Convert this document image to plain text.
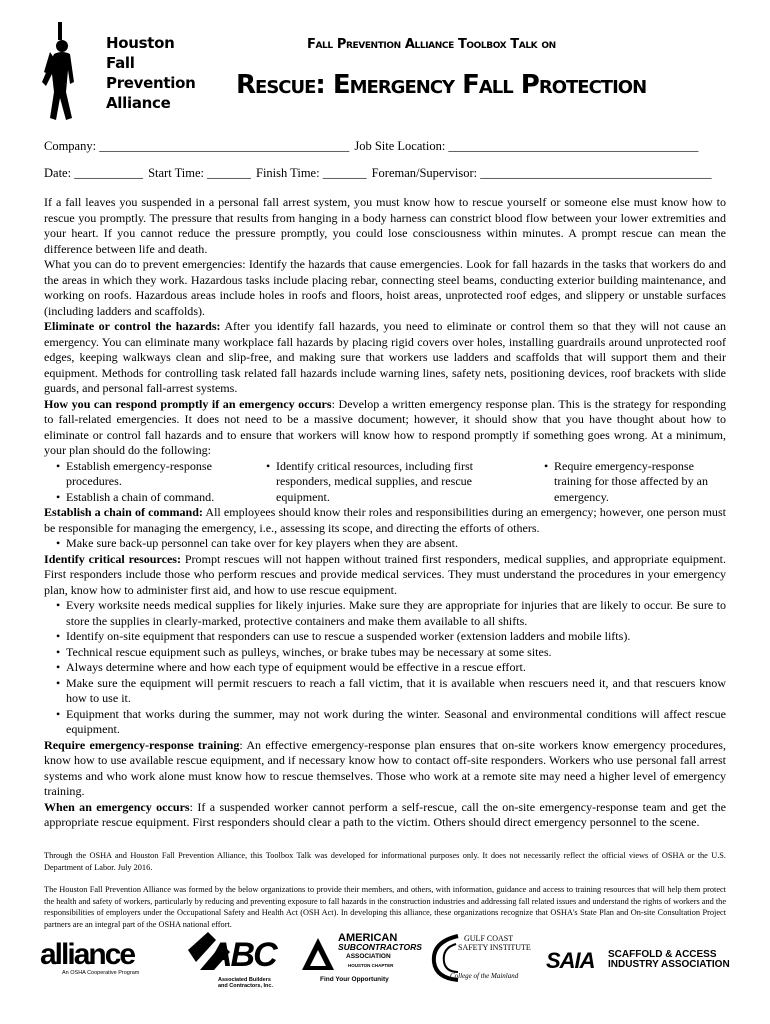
Houston
Fall
Prevention
Alliance
Fall Prevention Alliance Toolbox Talk on
Rescue: Emergency Fall Protection
Company: ________________________________________ Job Site Location: ________________________________________
Date: ___________ Start Time: _______ Finish Time: _______ Foreman/Supervisor: _____________________________________

If a fall leaves you suspended in a personal fall arrest system, you must know how to rescue yourself or someone else must know how to rescue you promptly. The pressure that results from hanging in a body harness can constrict blood flow between your lower extremities and your heart. If you cannot reduce the pressure promptly, you could lose consciousness within minutes. A prompt rescue can mean the difference between life and death.

What you can do to prevent emergencies: Identify the hazards that cause emergencies. Look for fall hazards in the tasks that workers do and the areas in which they work. Hazardous tasks include placing rebar, connecting steel beams, conducting exterior building maintenance, and working on roofs. Hazardous areas include holes in roofs and floors, hoist areas, unprotected roof edges, and slippery or unstable surfaces (including ladders and scaffolds).

Eliminate or control the hazards: After you identify fall hazards, you need to eliminate or control them so that they will not cause an emergency. You can eliminate many workplace fall hazards by placing rigid covers over holes, installing guardrails around unprotected roof edges, keeping walkways clean and slip-free, and making sure that workers use ladders and scaffolds that will support them and their equipment. Methods for controlling task related fall hazards include warning lines, safety nets, positioning devices, roof brackets with slide guards, and personal fall-arrest systems.

How you can respond promptly if an emergency occurs: Develop a written emergency response plan. This is the strategy for responding to fall-related emergencies. It does not need to be a massive document; however, it should show that you have thought about how to eliminate or control fall hazards and to ensure that workers will know how to respond promptly if something goes wrong. At a minimum, your plan should do the following:

• Establish emergency-response procedures.
• Establish a chain of command.
• Identify critical resources, including first responders, medical supplies, and rescue equipment.
• Require emergency-response training for those affected by an emergency.

Establish a chain of command: All employees should know their roles and responsibilities during an emergency; however, one person must be responsible for managing the emergency, i.e., assessing its scope, and directing the efforts of others.

• Make sure back-up personnel can take over for key players when they are absent.

Identify critical resources: Prompt rescues will not happen without trained first responders, medical supplies, and appropriate equipment. First responders include those who perform rescues and provide medical services. They must understand the procedures in your emergency plan, know how to administer first aid, and how to use rescue equipment.

• Every worksite needs medical supplies for likely injuries. Make sure they are appropriate for injuries that are likely to occur. Be sure to store the supplies in clearly-marked, protective containers and make them available to all shifts.
• Identify on-site equipment that responders can use to rescue a suspended worker (extension ladders and mobile lifts).
• Technical rescue equipment such as pulleys, winches, or brake tubes may be necessary at some sites.
• Always determine where and how each type of equipment would be effective in a rescue effort.
• Make sure the equipment will permit rescuers to reach a fall victim, that it is available when rescuers need it, and that rescuers know how to use it.
• Equipment that works during the summer, may not work during the winter. Seasonal and environmental conditions will affect rescue equipment.

Require emergency-response training: An effective emergency-response plan ensures that on-site workers know emergency procedures, know how to use available rescue equipment, and if necessary know how to contact off-site responders. Workers who use personal fall arrest systems and who work alone must know how to rescue themselves. Those who work at a remote site may need a higher level of emergency training.

When an emergency occurs: If a suspended worker cannot perform a self-rescue, call the on-site emergency-response team and get the appropriate rescue equipment. First responders should clear a path to the victim. Others should direct emergency personnel to the scene.

Through the OSHA and Houston Fall Prevention Alliance, this Toolbox Talk was developed for informational purposes only. It does not necessarily reflect the official views of OSHA or the U.S. Department of Labor. July 2016.

The Houston Fall Prevention Alliance was formed by the below organizations to provide their members, and others, with information, guidance and access to training resources that will help them protect the health and safety of workers, particularly by reducing and preventing exposure to fall hazards in the construction industries and addressing fall related issues and understand the rights of workers and the responsibilities of employers under the Occupational Safety and Health Act (OSH Act). In developing this alliance, these organizations recognize that OSHA's State Plan and On-site Consultation Project partners are an integral part of the OSHA national effort.

alliance
An OSHA Cooperative Program ABC
Associated Builders
and Contractors, Inc.
AMERICAN
SUBCONTRACTORS
ASSOCIATION
HOUSTON CHAPTER
Find Your Opportunity
GULF COAST
SAFETY INSTITUTE
College of the Mainland
SAIA SCAFFOLD & ACCESS
INDUSTRY ASSOCIATION
